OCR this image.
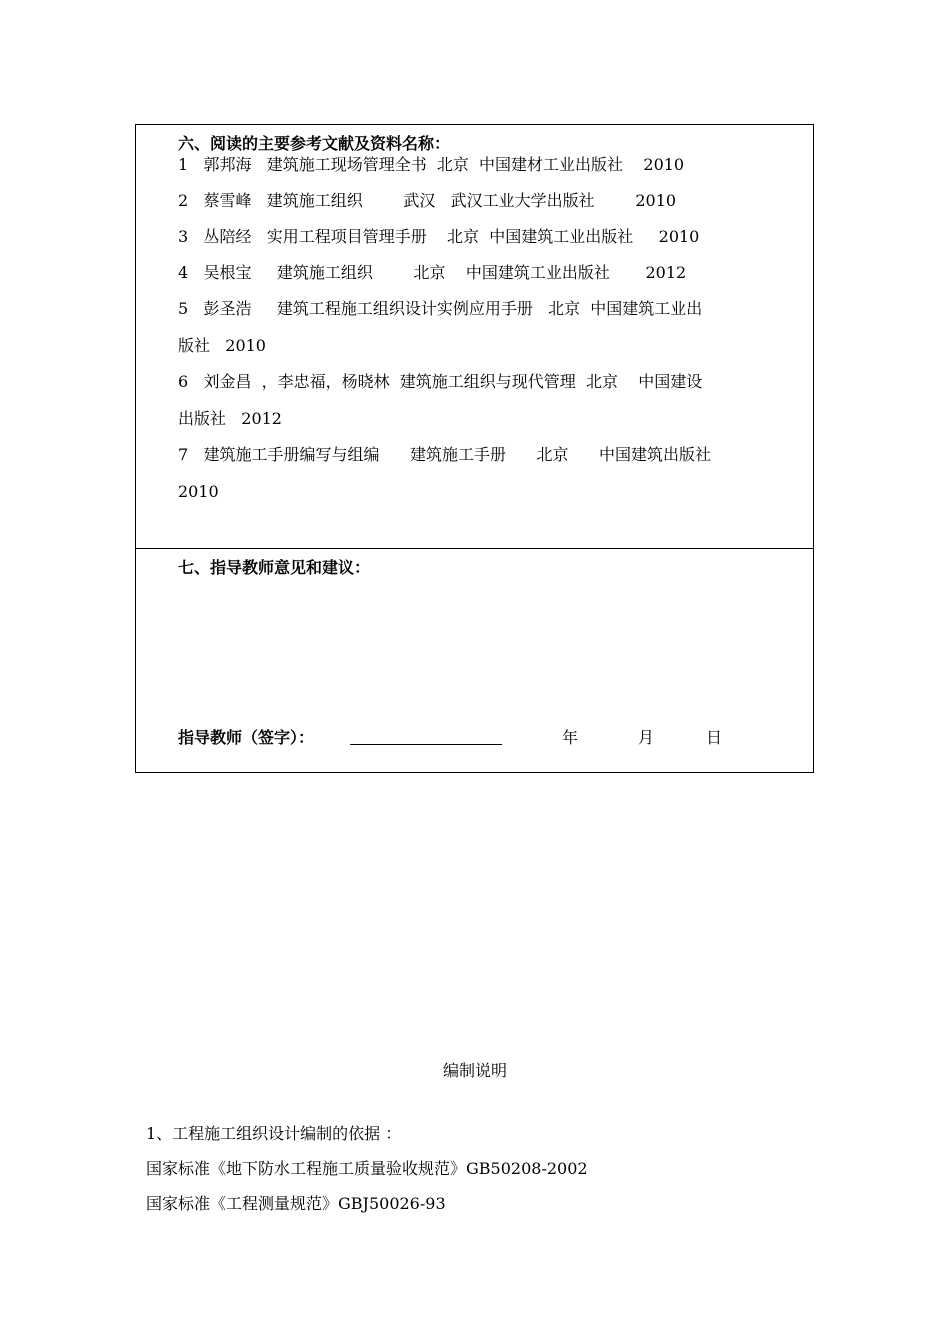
六、阅读的主要参考文献及资料名称：
1   郭邦海   建筑施工现场管理全书  北京  中国建材工业出版社    2010
2   蔡雪峰   建筑施工组织        武汉   武汉工业大学出版社        2010
3   丛陪经   实用工程项目管理手册    北京  中国建筑工业出版社     2010
4   吴根宝     建筑施工组织        北京    中国建筑工业出版社       2012
5   彭圣浩     建筑工程施工组织设计实例应用手册   北京  中国建筑工业出
版社   2010
6   刘金昌  ，李忠福，杨晓林  建筑施工组织与现代管理  北京    中国建设
出版社   2012
7   建筑施工手册编写与组编      建筑施工手册      北京      中国建筑出版社
2010
七、指导教师意见和建议：
指导教师（签字）：	年	月	日
编制说明
1、工程施工组织设计编制的依据 ：
国家标准《地下防水工程施工质量验收规范》GB50208-2002
国家标准《工程测量规范》GBJ50026-93
